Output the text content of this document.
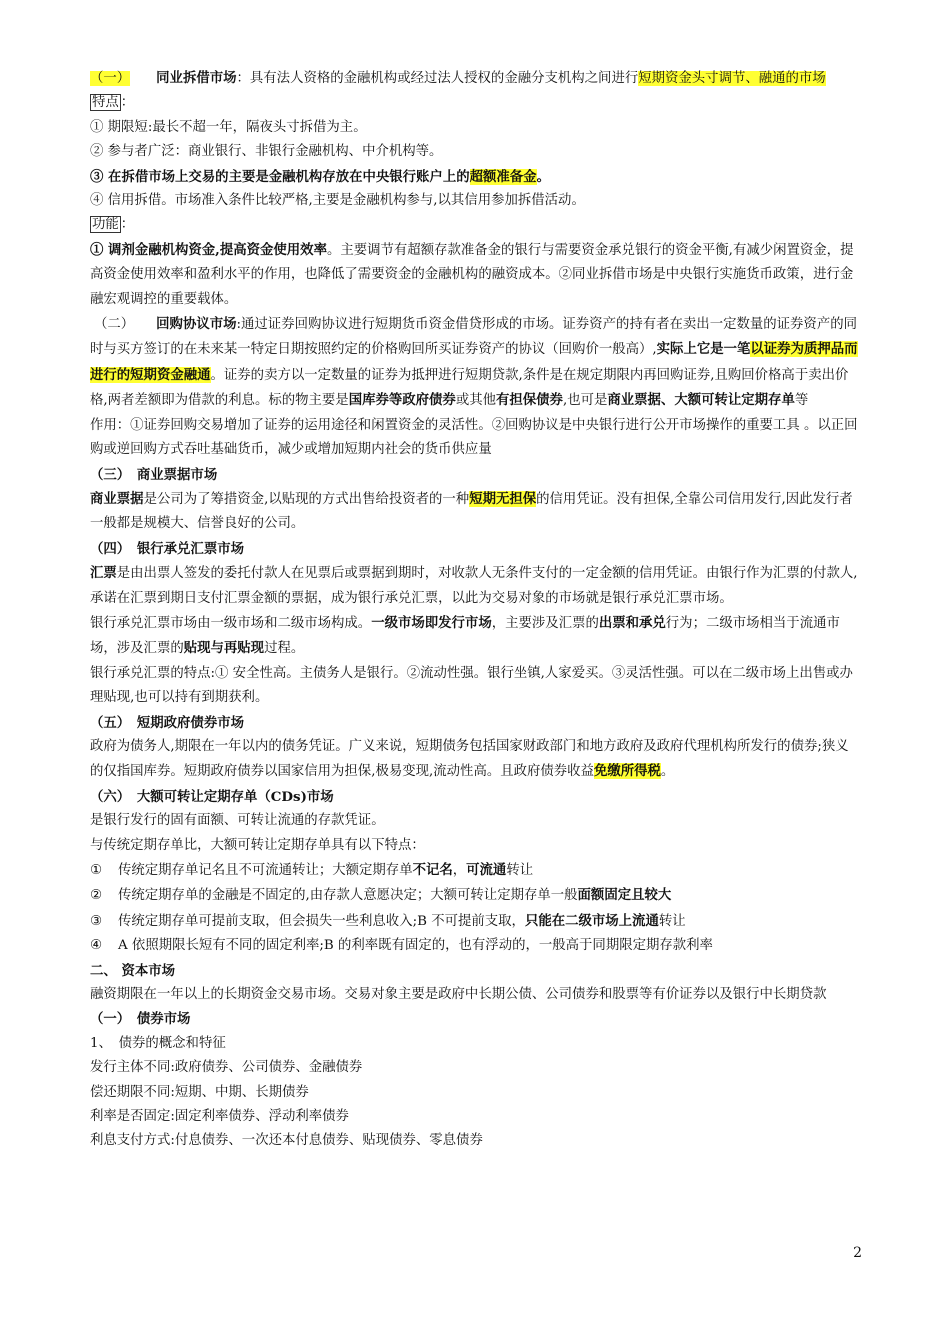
（一） 同业拆借市场：具有法人资格的金融机构或经过法人授权的金融分支机构之间进行短期资金头寸调节、融通的市场

特点 ：

① 期限短:最长不超一年，隔夜头寸拆借为主。

② 参与者广泛：商业银行、非银行金融机构、中介机构等。

③ 在拆借市场上交易的主要是金融机构存放在中央银行账户上的超额准备金。

④ 信用拆借。市场准入条件比较严格,主要是金融机构参与,以其信用参加拆借活动。

功能 ：

① 调剂金融机构资金,提高资金使用效率。主要调节有超额存款准备金的银行与需要资金承兑银行的资金平衡,有减少闲置资金，提高资金使用效率和盈利水平的作用，也降低了需要资金的金融机构的融资成本。②同业拆借市场是中央银行实施货币政策，进行金融宏观调控的重要载体。

（二） 回购协议市场:通过证券回购协议进行短期货币资金借贷形成的市场。证券资产的持有者在卖出一定数量的证券资产的同时与买方签订的在未来某一特定日期按照约定的价格购回所买证券资产的协议（回购价一般高）,实际上它是一笔以证券为质押品而进行的短期资金融通。证券的卖方以一定数量的证券为抵押进行短期贷款,条件是在规定期限内再回购证券,且购回价格高于卖出价格,两者差额即为借款的利息。标的物主要是国库券等政府债券或其他有担保债券,也可是商业票据、大额可转让定期存单等

作用：①证券回购交易增加了证券的运用途径和闲置资金的灵活性。②回购协议是中央银行进行公开市场操作的重要工具 。以正回购或逆回购方式吞吐基础货币，减少或增加短期内社会的货币供应量

（三）　商业票据市场

商业票据是公司为了筹措资金,以贴现的方式出售给投资者的一种短期无担保的信用凭证。没有担保,全靠公司信用发行,因此发行者一般都是规模大、信誉良好的公司。

（四）　银行承兑汇票市场

汇票是由出票人签发的委托付款人在见票后或票据到期时，对收款人无条件支付的一定金额的信用凭证。由银行作为汇票的付款人,承诺在汇票到期日支付汇票金额的票据，成为银行承兑汇票，以此为交易对象的市场就是银行承兑汇票市场。

银行承兑汇票市场由一级市场和二级市场构成。一级市场即发行市场，主要涉及汇票的出票和承兑行为；二级市场相当于流通市场，涉及汇票的贴现与再贴现过程。

银行承兑汇票的特点:① 安全性高。主债务人是银行。②流动性强。银行坐镇,人家爱买。③灵活性强。可以在二级市场上出售或办理贴现,也可以持有到期获利。

（五）　短期政府债券市场

政府为债务人,期限在一年以内的债务凭证。广义来说，短期债务包括国家财政部门和地方政府及政府代理机构所发行的债券;狭义的仅指国库券。短期政府债券以国家信用为担保,极易变现,流动性高。且政府债券收益免缴所得税。

（六）　大额可转让定期存单（CDs)市场

是银行发行的固有面额、可转让流通的存款凭证。

与传统定期存单比，大额可转让定期存单具有以下特点：

① 传统定期存单记名且不可流通转让；大额定期存单不记名，可流通转让

② 传统定期存单的金融是不固定的,由存款人意愿决定；大额可转让定期存单一般面额固定且较大

③ 传统定期存单可提前支取，但会损失一些利息收入;B 不可提前支取，只能在二级市场上流通转让

④ A 依照期限长短有不同的固定利率;B 的利率既有固定的，也有浮动的，一般高于同期限定期存款利率

二、 资本市场

融资期限在一年以上的长期资金交易市场。交易对象主要是政府中长期公债、公司债券和股票等有价证券以及银行中长期贷款

（一）　债券市场

1、　债券的概念和特征

发行主体不同:政府债券、公司债券、金融债券

偿还期限不同:短期、中期、长期债券

利率是否固定:固定利率债券、浮动利率债券

利息支付方式:付息债券、一次还本付息债券、贴现债券、零息债券

2
